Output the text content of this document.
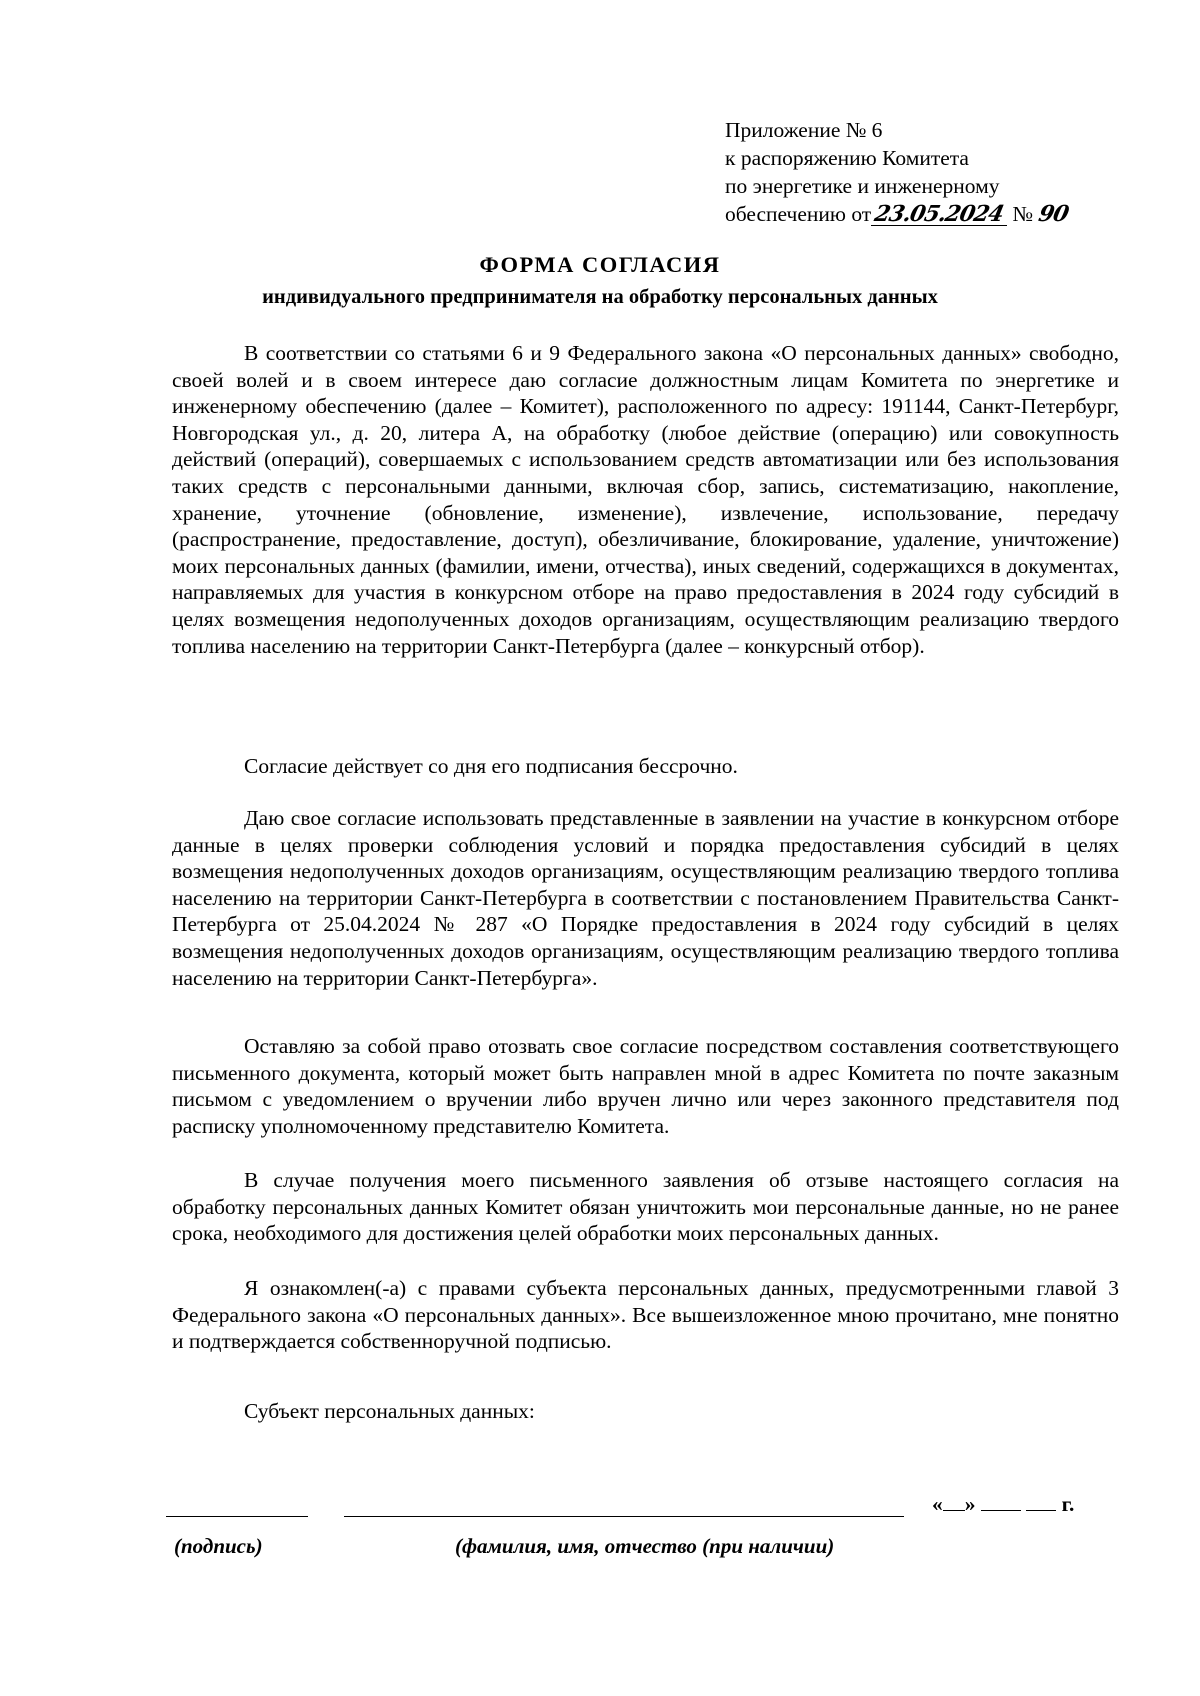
Приложение № 6
к распоряжению Комитета
по энергетике и инженерному
обеспечению от23.05.2024 № 90
ФОРМА СОГЛАСИЯ
индивидуального предпринимателя на обработку персональных данных
В соответствии со статьями 6 и 9 Федерального закона «О персональных данных» свободно, своей волей и в своем интересе даю согласие должностным лицам Комитета по энергетике и инженерному обеспечению (далее – Комитет), расположенного по адресу: 191144, Санкт-Петербург, Новгородская ул., д. 20, литера А, на обработку (любое действие (операцию) или совокупность действий (операций), совершаемых с использованием средств автоматизации или без использования таких средств с персональными данными, включая сбор, запись, систематизацию, накопление, хранение, уточнение (обновление, изменение), извлечение, использование, передачу (распространение, предоставление, доступ), обезличивание, блокирование, удаление, уничтожение) моих персональных данных (фамилии, имени, отчества), иных сведений, содержащихся в документах, направляемых для участия в конкурсном отборе на право предоставления в 2024 году субсидий в целях возмещения недополученных доходов организациям, осуществляющим реализацию твердого топлива населению на территории Санкт-Петербурга (далее – конкурсный отбор).
Согласие действует со дня его подписания бессрочно.
Даю свое согласие использовать представленные в заявлении на участие в конкурсном отборе данные в целях проверки соблюдения условий и порядка предоставления субсидий в целях возмещения недополученных доходов организациям, осуществляющим реализацию твердого топлива населению на территории Санкт-Петербурга в соответствии с постановлением Правительства Санкт-Петербурга от 25.04.2024 № 287 «О Порядке предоставления в 2024 году субсидий в целях возмещения недополученных доходов организациям, осуществляющим реализацию твердого топлива населению на территории Санкт-Петербурга».
Оставляю за собой право отозвать свое согласие посредством составления соответствующего письменного документа, который может быть направлен мной в адрес Комитета по почте заказным письмом с уведомлением о вручении либо вручен лично или через законного представителя под расписку уполномоченному представителю Комитета.
В случае получения моего письменного заявления об отзыве настоящего согласия на обработку персональных данных Комитет обязан уничтожить мои персональные данные, но не ранее срока, необходимого для достижения целей обработки моих персональных данных.
Я ознакомлен(-а) с правами субъекта персональных данных, предусмотренными главой 3 Федерального закона «О персональных данных». Все вышеизложенное мною прочитано, мне понятно и подтверждается собственноручной подписью.
Субъект персональных данных:
« »	г.
(подпись)	(фамилия, имя, отчество (при наличии)
